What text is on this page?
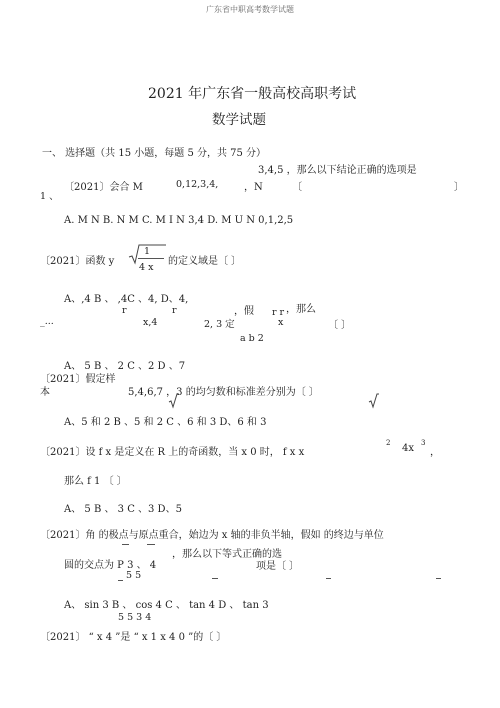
广东省中职高考数学试题
2021 年广东省一般高校高职考试
数学试题
一、 选择题（共 15 小题，每题 5 分，共 75 分）
3,4,5 ，那么以下结论正确的选项是
〔2021〕会合 M	0,12,3,4,	，N	〔	〕
1 、
A. M N B. N M C. M I N 3,4 D. M U N 0,1,2,5
〔2021〕函数 y
1
4 x
的定义域是〔 〕
A、,4 B 、 ,4C 、4, D、4,
r	r	，假 r r ，那么
_...	x,4	2, 3 定	x	〔 〕
a b 2
A、 5 B 、 2 C 、2 D 、7
〔2021〕假定样
本	5,4,6,7 ，3 的均匀数和标准差分别为〔 〕
A、5 和 2 B 、5 和 2 C 、6 和 3 D、6 和 3
〔2021〕设 f x 是定义在 R 上的奇函数，当 x 0 时， f x x
2 4x 3
，
那么 f 1 〔 〕
A、 5 B 、 3 C 、3 D、5
〔2021〕角 的极点与原点重合，始边为 x 轴的非负半轴，假如 的终边与单位
圆的交点为 P 3 、 4
，那么以下等式正确的选
项是〔 〕
5 5
A、 sin 3 B 、 cos 4 C 、 tan 4 D 、 tan 3
5 5 3 4
〔2021〕 “ x 4 ”是 “ x 1 x 4 0 ”的〔 〕
